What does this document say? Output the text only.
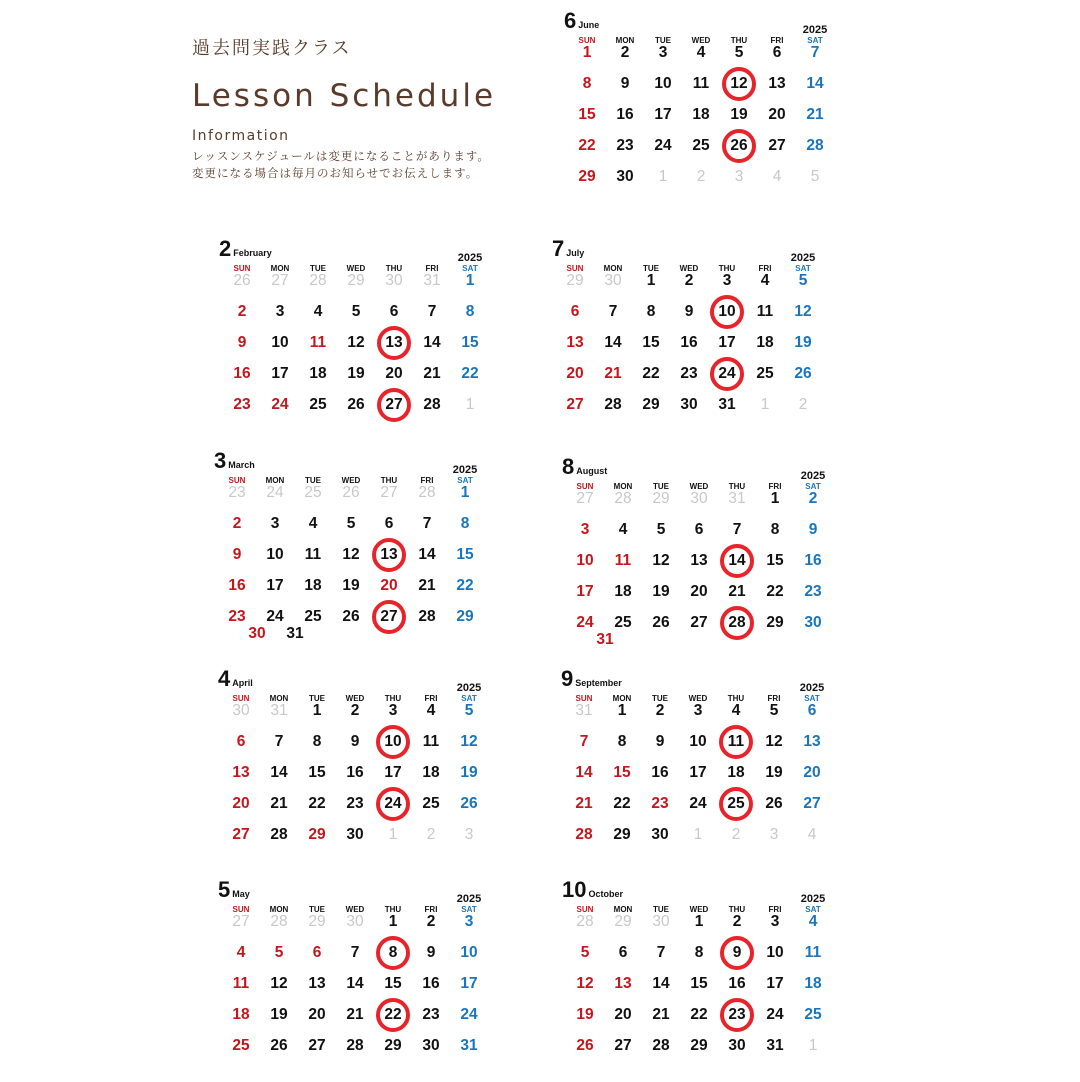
過去問実践クラス
Lesson Schedule
Information
レッスンスケジュールは変更になることがあります。
変更になる場合は毎月のお知らせでお伝えします。
6 June	2025
SUN	MON	TUE	WED	THU	FRI	SAT
1	2	3	4	5	6	7
8	9	10	11	12	13	14
15	16	17	18	19	20	21
22	23	24	25	26	27	28
29	30	1	2	3	4	5
2 February	2025
SUN	MON	TUE	WED	THU	FRI	SAT
26	27	28	29	30	31	1
2	3	4	5	6	7	8
9	10	11	12	13	14	15
16	17	18	19	20	21	22
23	24	25	26	27	28	1
7 July	2025
SUN	MON	TUE	WED	THU	FRI	SAT
29	30	1	2	3	4	5
6	7	8	9	10	11	12
13	14	15	16	17	18	19
20	21	22	23	24	25	26
27	28	29	30	31	1	2
3 March	2025
SUN	MON	TUE	WED	THU	FRI	SAT
23	24	25	26	27	28	1
2	3	4	5	6	7	8
9	10	11	12	13	14	15
16	17	18	19	20	21	22
23	24	25	26	27	28	29
30	31
8 August	2025
SUN	MON	TUE	WED	THU	FRI	SAT
27	28	29	30	31	1	2
3	4	5	6	7	8	9
10	11	12	13	14	15	16
17	18	19	20	21	22	23
24	25	26	27	28	29	30
31
4 April	2025
SUN	MON	TUE	WED	THU	FRI	SAT
30	31	1	2	3	4	5
6	7	8	9	10	11	12
13	14	15	16	17	18	19
20	21	22	23	24	25	26
27	28	29	30	1	2	3
9 September	2025
SUN	MON	TUE	WED	THU	FRI	SAT
31	1	2	3	4	5	6
7	8	9	10	11	12	13
14	15	16	17	18	19	20
21	22	23	24	25	26	27
28	29	30	1	2	3	4
5 May	2025
SUN	MON	TUE	WED	THU	FRI	SAT
27	28	29	30	1	2	3
4	5	6	7	8	9	10
11	12	13	14	15	16	17
18	19	20	21	22	23	24
25	26	27	28	29	30	31
10 October	2025
SUN	MON	TUE	WED	THU	FRI	SAT
28	29	30	1	2	3	4
5	6	7	8	9	10	11
12	13	14	15	16	17	18
19	20	21	22	23	24	25
26	27	28	29	30	31	1
